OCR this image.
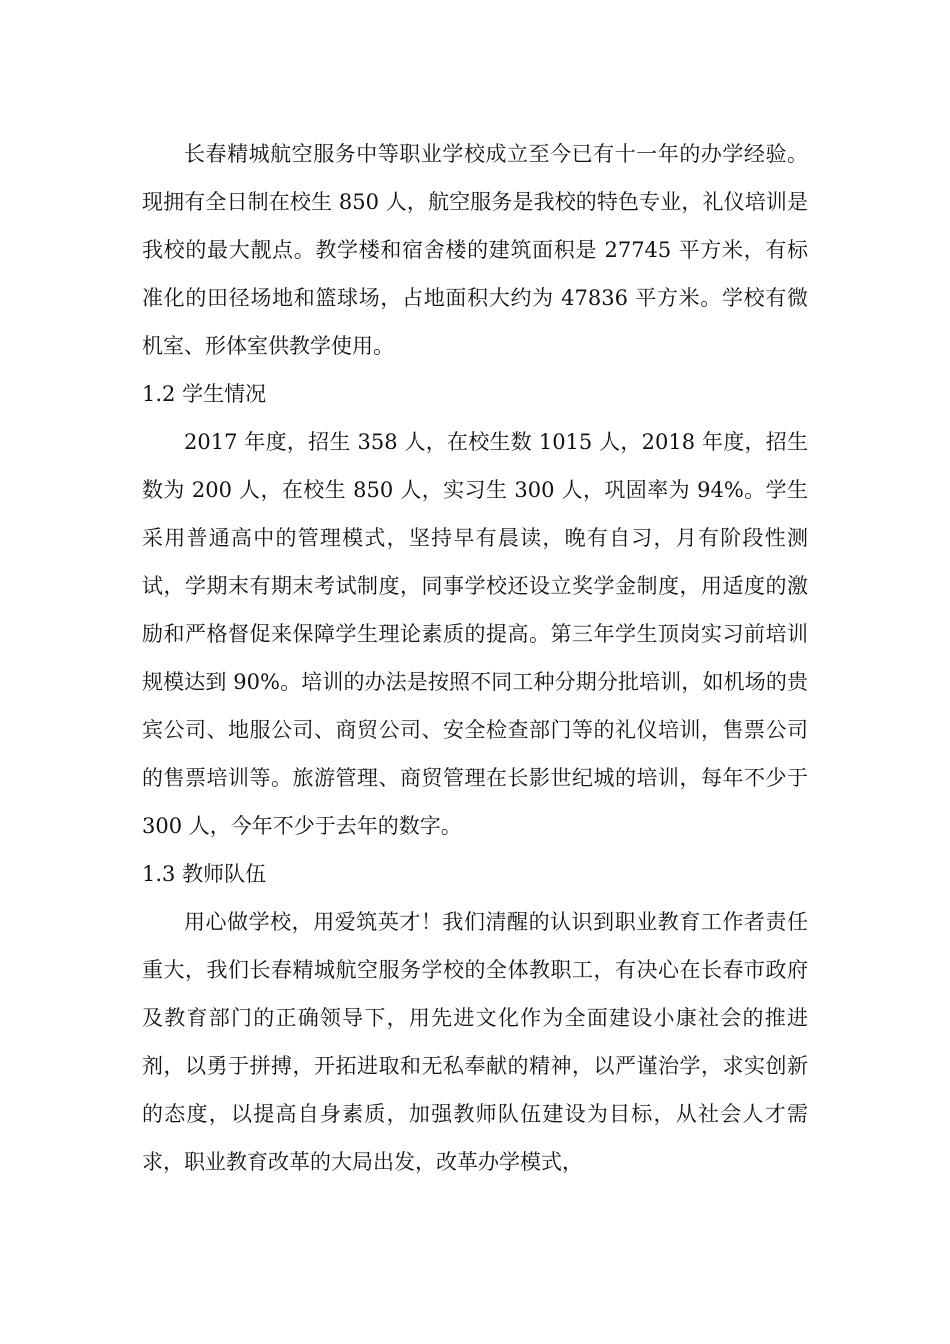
长春精城航空服务中等职业学校成立至今已有十一年的办学经验。现拥有全日制在校生 850 人，航空服务是我校的特色专业，礼仪培训是我校的最大靓点。教学楼和宿舍楼的建筑面积是 27745 平方米，有标准化的田径场地和篮球场，占地面积大约为 47836 平方米。学校有微机室、形体室供教学使用。

1.2 学生情况

2017 年度，招生 358 人，在校生数 1015 人，2018 年度，招生数为 200 人，在校生 850 人，实习生 300 人，巩固率为 94%。学生采用普通高中的管理模式，坚持早有晨读，晚有自习，月有阶段性测试，学期末有期末考试制度，同事学校还设立奖学金制度，用适度的激励和严格督促来保障学生理论素质的提高。第三年学生顶岗实习前培训规模达到 90%。培训的办法是按照不同工种分期分批培训，如机场的贵宾公司、地服公司、商贸公司、安全检查部门等的礼仪培训，售票公司的售票培训等。旅游管理、商贸管理在长影世纪城的培训，每年不少于 300 人，今年不少于去年的数字。

1.3 教师队伍

用心做学校，用爱筑英才！我们清醒的认识到职业教育工作者责任重大，我们长春精城航空服务学校的全体教职工，有决心在长春市政府及教育部门的正确领导下，用先进文化作为全面建设小康社会的推进剂，以勇于拼搏，开拓进取和无私奉献的精神，以严谨治学，求实创新的态度，以提高自身素质，加强教师队伍建设为目标，从社会人才需求，职业教育改革的大局出发，改革办学模式，
